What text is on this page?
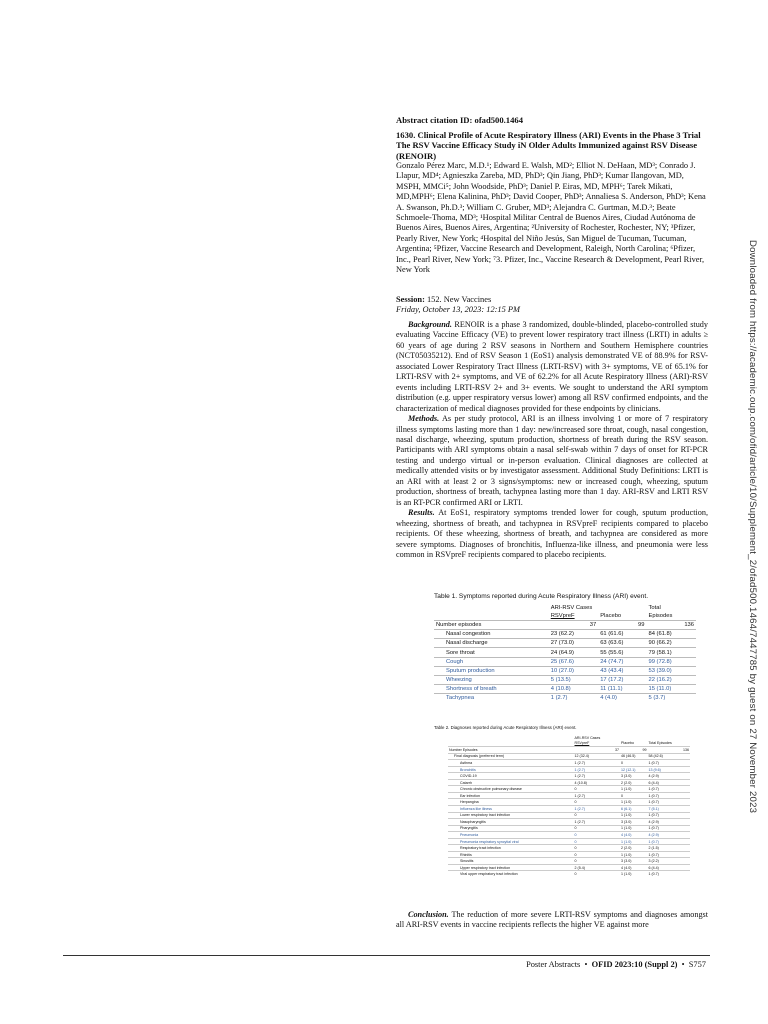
Abstract citation ID: ofad500.1464
1630. Clinical Profile of Acute Respiratory Illness (ARI) Events in the Phase 3 Trial The RSV Vaccine Efficacy Study iN Older Adults Immunized against RSV Disease (RENOIR)
Gonzalo Pérez Marc, M.D.¹; Edward E. Walsh, MD²; Elliot N. DeHaan, MD³; Conrado J. Llapur, MD⁴; Agnieszka Zareba, MD, PhD³; Qin Jiang, PhD³; Kumar Ilangovan, MD, MSPH, MMCi⁵; John Woodside, PhD³; Daniel P. Eiras, MD, MPH⁶; Tarek Mikati, MD,MPH⁶; Elena Kalinina, PhD³; David Cooper, PhD³; Annaliesa S. Anderson, PhD³; Kena A. Swanson, Ph.D.³; William C. Gruber, MD³; Alejandra C. Gurtman, M.D.³; Beate Schmoele-Thoma, MD³; ¹Hospital Militar Central de Buenos Aires, Ciudad Autónoma de Buenos Aires, Buenos Aires, Argentina; ²University of Rochester, Rochester, NY; ³Pfizer, Pearly River, New York; ⁴Hospital del Niño Jesús, San Miguel de Tucuman, Tucuman, Argentina; ⁵Pfizer, Vaccine Research and Development, Raleigh, North Carolina; ⁶Pfizer, Inc., Pearl River, New York; ⁷3. Pfizer, Inc., Vaccine Research & Development, Pearl River, New York
Session: 152. New Vaccines
Friday, October 13, 2023: 12:15 PM

Background. RENOIR is a phase 3 randomized, double-blinded, placebo-controlled study evaluating Vaccine Efficacy (VE) to prevent lower respiratory tract illness (LRTI) in adults ≥ 60 years of age during 2 RSV seasons in Northern and Southern Hemisphere countries (NCT05035212). End of RSV Season 1 (EoS1) analysis demonstrated VE of 88.9% for RSV-associated Lower Respiratory Tract Illness (LRTI-RSV) with 3+ symptoms, VE of 65.1% for LRTI-RSV with 2+ symptoms, and VE of 62.2% for all Acute Respiratory Illness (ARI)-RSV events including LRTI-RSV 2+ and 3+ events. We sought to understand the ARI symptom distribution (e.g. upper respiratory versus lower) among all RSV confirmed endpoints, and the characterization of medical diagnoses provided for these endpoints by clinicians.

Methods. As per study protocol, ARI is an illness involving 1 or more of 7 respiratory illness symptoms lasting more than 1 day: new/increased sore throat, cough, nasal congestion, nasal discharge, wheezing, sputum production, shortness of breath during the RSV season. Participants with ARI symptoms obtain a nasal self-swab within 7 days of onset for RT-PCR testing and undergo virtual or in-person evaluation. Clinical diagnoses are collected at medically attended visits or by investigator assessment. Additional Study Definitions: LRTI is an ARI with at least 2 or 3 signs/symptoms: new or increased cough, wheezing, sputum production, shortness of breath, tachypnea lasting more than 1 day. ARI-RSV and LRTI RSV is an RT-PCR confirmed ARI or LRTI.

Results. At EoS1, respiratory symptoms trended lower for cough, sputum production, wheezing, shortness of breath, and tachypnea in RSVpreF recipients compared to placebo recipients. Of these wheezing, shortness of breath, and tachypnea are considered as more severe symptoms. Diagnoses of bronchitis, Influenza-like illness, and pneumonia were less common in RSVpreF recipients compared to placebo recipients.

Table 1. Symptoms reported during Acute Respiratory Illness (ARI) event.
	ARI-RSV Cases		Total
	RSVpreF	Placebo	Episodes
Number episodes	37	99	136
Nasal congestion	23 (62.2)	61 (61.6)	84 (61.8)
Nasal discharge	27 (73.0)	63 (63.6)	90 (66.2)
Sore throat	24 (64.9)	55 (55.6)	79 (58.1)
Cough	25 (67.6)	24 (74.7)	99 (72.8)
Sputum production	10 (27.0)	43 (43.4)	53 (39.0)
Wheezing	5 (13.5)	17 (17.2)	22 (16.2)
Shortness of breath	4 (10.8)	11 (11.1)	15 (11.0)
Tachypnea	1 (2.7)	4 (4.0)	5 (3.7)
Table 2. Diagnoses reported during Acute Respiratory Illness (ARI) event.
	ARI-RSV Cases		
	RSVpreF	Placebo	Total Episodes
Number Episodes	37	99	136
Final diagnosis (preferred term)	12 (32.4)	46 (46.5)	58 (42.6)
Asthma	1 (2.7)	0	1 (0.7)
Bronchitis	1 (2.7)	12 (12.1)	13 (9.6)
COVID-19	1 (2.7)	3 (3.0)	4 (2.9)
Catarrh	4 (10.8)	2 (2.0)	6 (4.4)
Chronic obstructive pulmonary disease	0	1 (1.0)	1 (0.7)
Ear infection	1 (2.7)	0	1 (0.7)
Herpangina	0	1 (1.0)	1 (0.7)
Influenza like illness	1 (2.7)	6 (6.1)	7 (5.1)
Lower respiratory tract infection	0	1 (1.0)	1 (0.7)
Nasopharyngitis	1 (2.7)	3 (3.0)	4 (2.9)
Pharyngitis	0	1 (1.0)	1 (0.7)
Pneumonia	0	4 (4.0)	4 (2.9)
Pneumonia respiratory syncytial viral	0	1 (1.0)	1 (0.7)
Respiratory tract infection	0	2 (2.0)	2 (1.5)
Rhinitis	0	1 (1.0)	1 (0.7)
Sinusitis	0	3 (3.0)	3 (2.2)
Upper respiratory tract infection	2 (5.4)	4 (4.0)	6 (4.4)
Viral upper respiratory tract infection	0	1 (1.0)	1 (0.7)
Conclusion. The reduction of more severe LRTI-RSV symptoms and diagnoses amongst all ARI-RSV events in vaccine recipients reflects the higher VE against more
Poster Abstracts  •  OFID 2023:10 (Suppl 2)  •  S757
Downloaded from https://academic.oup.com/ofid/article/10/Supplement_2/ofad500.1464/7447785 by guest on 27 November 2023
